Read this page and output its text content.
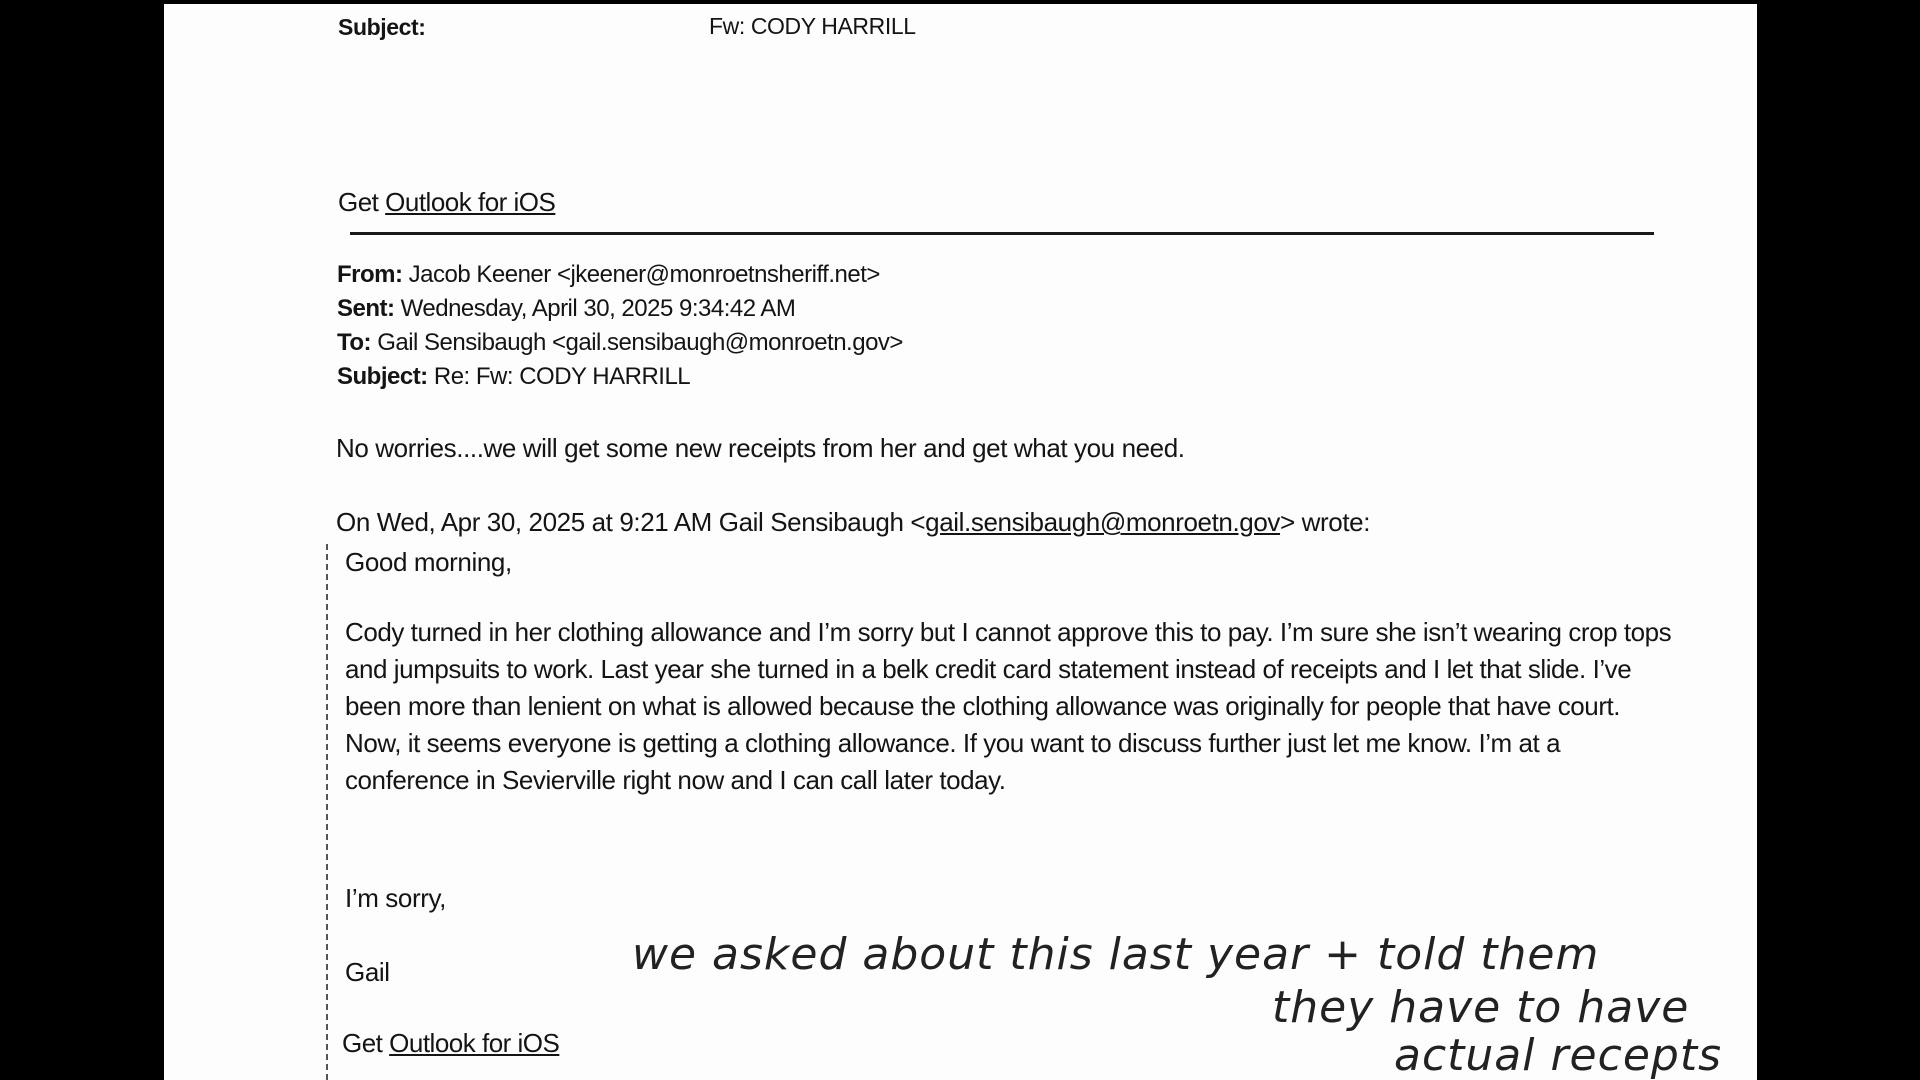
Subject:	Fw: CODY HARRILL
Get Outlook for iOS
From: Jacob Keener <jkeener@monroetnsheriff.net>
Sent: Wednesday, April 30, 2025 9:34:42 AM
To: Gail Sensibaugh <gail.sensibaugh@monroetn.gov>
Subject: Re: Fw: CODY HARRILL
No worries....we will get some new receipts from her and get what you need.
On Wed, Apr 30, 2025 at 9:21 AM Gail Sensibaugh <gail.sensibaugh@monroetn.gov> wrote:
Good morning,
Cody turned in her clothing allowance and I’m sorry but I cannot approve this to pay. I’m sure she isn’t wearing crop tops and jumpsuits to work. Last year she turned in a belk credit card statement instead of receipts and I let that slide. I’ve been more than lenient on what is allowed because the clothing allowance was originally for people that have court. Now, it seems everyone is getting a clothing allowance. If you want to discuss further just let me know. I’m at a conference in Sevierville right now and I can call later today.
I’m sorry,
Gail
Get Outlook for iOS
we asked about this last year + told them
they have to have
actual recepts
